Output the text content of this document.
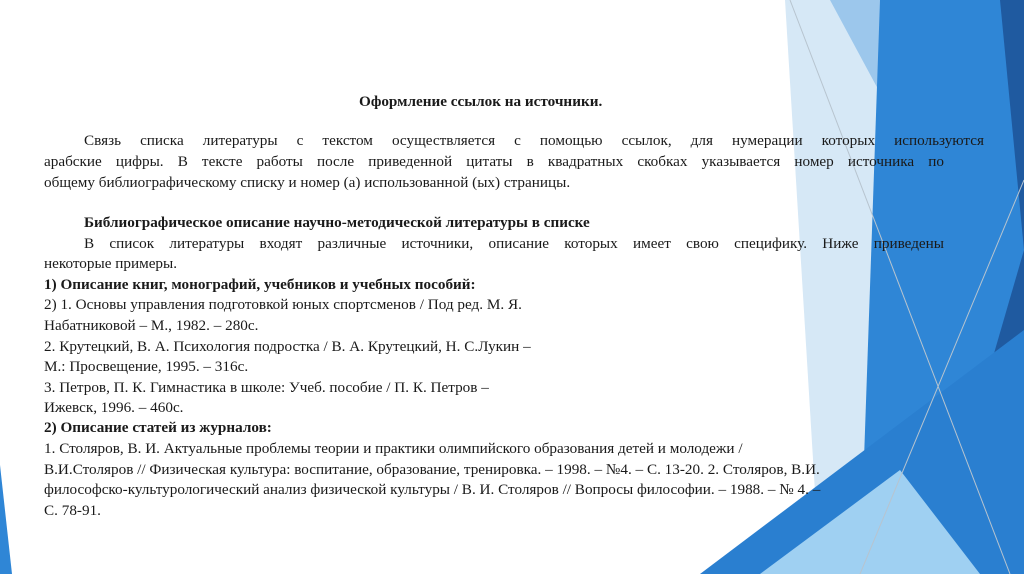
Оформление ссылок на источники.
Связь списка литературы с текстом осуществляется с помощью ссылок, для нумерации которых используются
арабские цифры. В тексте работы после приведенной цитаты в квадратных скобках указывается номер источника по
общему библиографическому списку и номер (а) использованной (ых) страницы.
Библиографическое описание научно-методической литературы в списке
В список литературы входят различные источники, описание которых имеет свою специфику. Ниже приведены
некоторые примеры.
1) Описание книг, монографий, учебников и учебных пособий:
2) 1. Основы управления подготовкой юных спортсменов / Под ред. М. Я.
Набатниковой – М., 1982. – 280с.
2. Крутецкий, В. А. Психология подростка / В. А. Крутецкий, Н. С.Лукин –
М.: Просвещение, 1995. – 316с.
3. Петров, П. К. Гимнастика в школе: Учеб. пособие / П. К. Петров –
Ижевск, 1996. – 460с.
2) Описание статей из журналов:
1. Столяров, В. И. Актуальные проблемы теории и практики олимпийского образования детей и молодежи /
В.И.Столяров // Физическая культура: воспитание, образование, тренировка. – 1998. – №4. – С. 13-20. 2. Столяров, В.И.
философско-культурологический анализ физической культуры / В. И. Столяров // Вопросы философии. – 1988. – № 4. –
С. 78-91.
